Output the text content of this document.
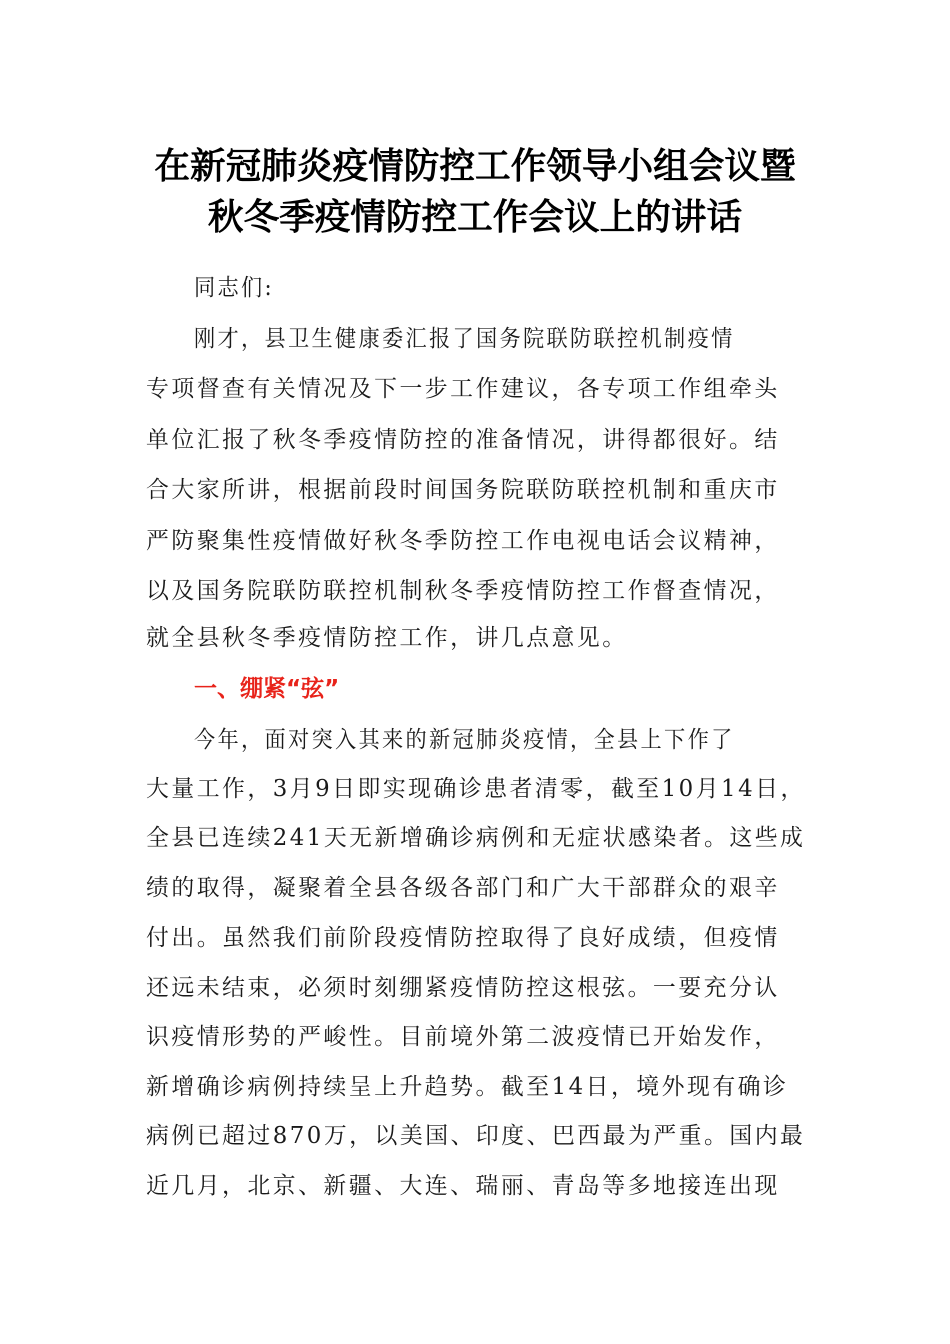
在新冠肺炎疫情防控工作领导小组会议暨
秋冬季疫情防控工作会议上的讲话
同志们:
刚才，县卫生健康委汇报了国务院联防联控机制疫情
专项督查有关情况及下一步工作建议，各专项工作组牵头
单位汇报了秋冬季疫情防控的准备情况，讲得都很好。结
合大家所讲，根据前段时间国务院联防联控机制和重庆市
严防聚集性疫情做好秋冬季防控工作电视电话会议精神，
以及国务院联防联控机制秋冬季疫情防控工作督查情况，
就全县秋冬季疫情防控工作，讲几点意见。
一、绷紧“弦”
今年，面对突入其来的新冠肺炎疫情，全县上下作了
大量工作，3月9日即实现确诊患者清零，截至10月14日，
全县已连续241天无新增确诊病例和无症状感染者。这些成
绩的取得，凝聚着全县各级各部门和广大干部群众的艰辛
付出。虽然我们前阶段疫情防控取得了良好成绩，但疫情
还远未结束，必须时刻绷紧疫情防控这根弦。一要充分认
识疫情形势的严峻性。目前境外第二波疫情已开始发作，
新增确诊病例持续呈上升趋势。截至14日，境外现有确诊
病例已超过870万，以美国、印度、巴西最为严重。国内最
近几月，北京、新疆、大连、瑞丽、青岛等多地接连出现
